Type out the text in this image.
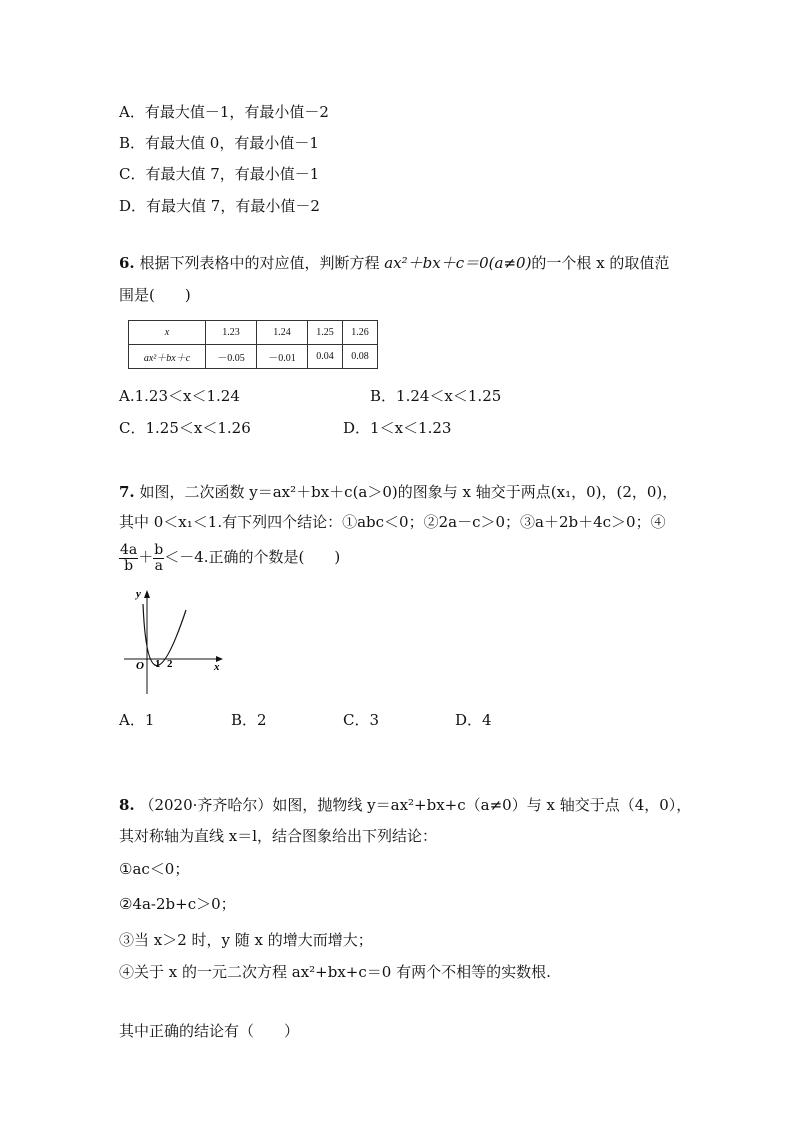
A．有最大值－1，有最小值－2
B．有最大值 0，有最小值－1
C．有最大值 7，有最小值－1
D．有最大值 7，有最小值－2
6. 根据下列表格中的对应值，判断方程 ax²＋bx＋c＝0(a≠0)的一个根 x 的取值范
围是(　　)
x	1.23	1.24	1.25	1.26
ax²＋bx＋c	－0.05	－0.01	0.04	0.08
A.1.23＜x＜1.24	B．1.24＜x＜1.25
C．1.25＜x＜1.26	D．1＜x＜1.23
7. 如图，二次函数 y＝ax²＋bx＋c(a＞0)的图象与 x 轴交于两点(x₁，0)，(2，0)，
其中 0＜x₁＜1.有下列四个结论：①abc＜0；②2a－c＞0；③a＋2b＋4c＞0；④
$\frac{4a}{b} + \frac{b}{a} <-4$.正确的个数是(　　)
y
x
O 1 2
A．1	B．2	C．3	D．4
8. （2020·齐齐哈尔）如图，抛物线 y＝ax²+bx+c（a≠0）与 x 轴交于点（4，0），
其对称轴为直线 x＝l，结合图象给出下列结论：
①ac＜0；
②4a-2b+c＞0；
③当 x＞2 时，y 随 x 的增大而增大；
④关于 x 的一元二次方程 ax²+bx+c＝0 有两个不相等的实数根.
其中正确的结论有（　　）
